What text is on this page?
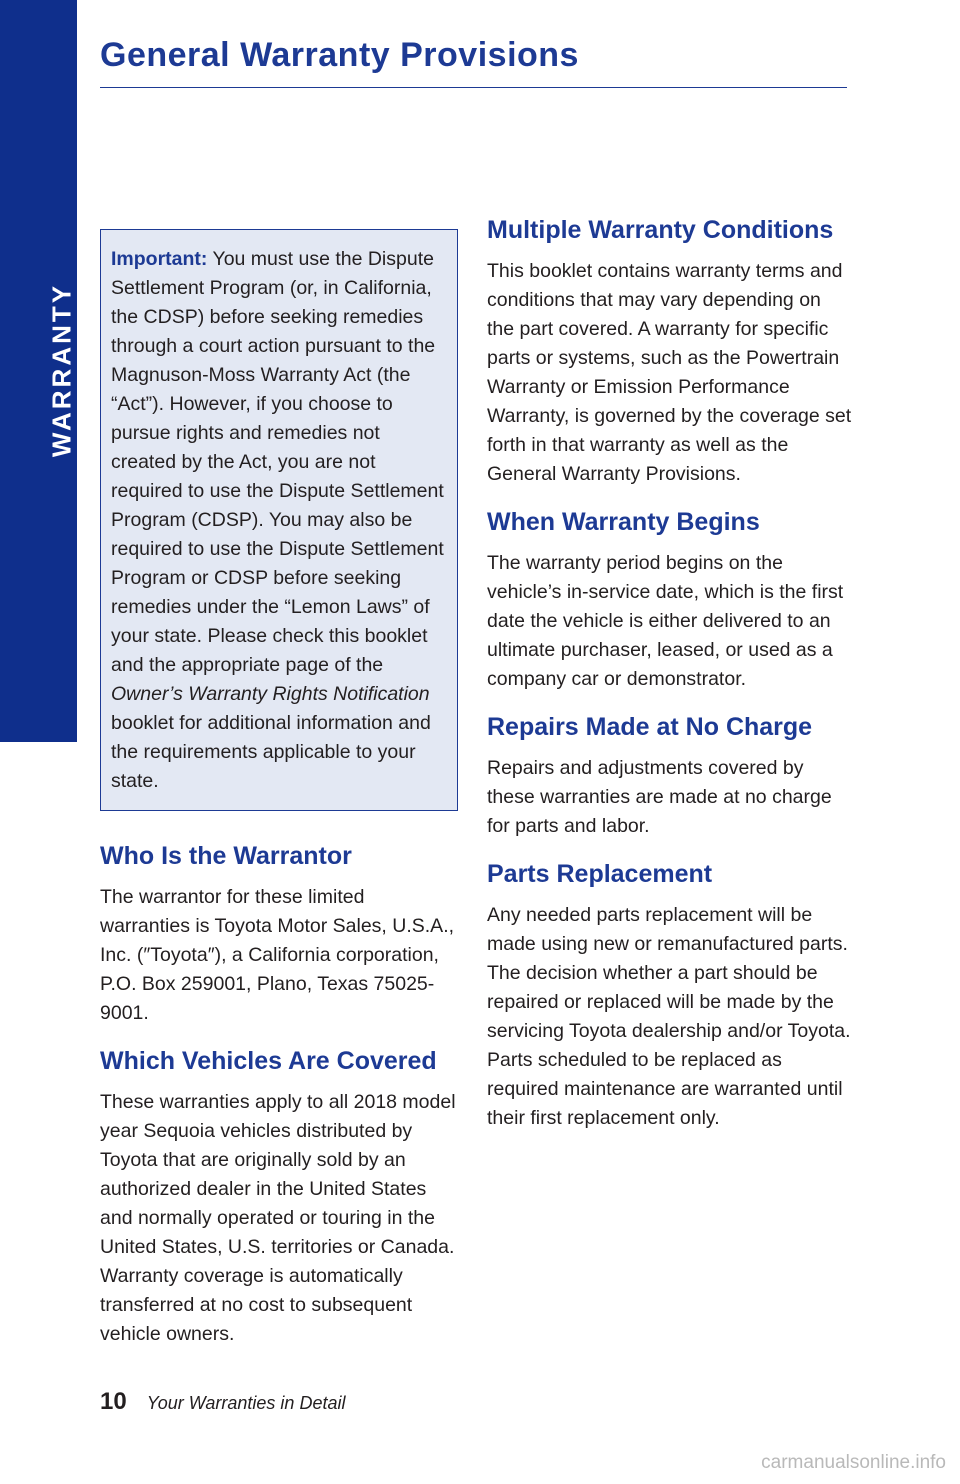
WARRANTY
General Warranty Provisions

Important: You must use the Dispute Settlement Program (or, in California, the CDSP) before seeking remedies through a court action pursuant to the Magnuson-Moss Warranty Act (the “Act”). However, if you choose to pursue rights and remedies not created by the Act, you are not required to use the Dispute Settlement Program (CDSP). You may also be required to use the Dispute Settlement Program or CDSP before seeking remedies under the “Lemon Laws” of your state. Please check this booklet and the appropriate page of the Owner’s Warranty Rights Notification booklet for additional information and the requirements applicable to your state.

Who Is the Warrantor

The warrantor for these limited warranties is Toyota Motor Sales, U.S.A., Inc. (″Toyota″), a California corporation, P.O. Box 259001, Plano, Texas 75025-9001.

Which Vehicles Are Covered

These warranties apply to all 2018 model year Sequoia vehicles distributed by Toyota that are originally sold by an authorized dealer in the United States and normally operated or touring in the United States, U.S. territories or Canada. Warranty coverage is automatically transferred at no cost to subsequent vehicle owners.

Multiple Warranty Conditions

This booklet contains warranty terms and conditions that may vary depending on the part covered. A warranty for specific parts or systems, such as the Powertrain Warranty or Emission Performance Warranty, is governed by the coverage set forth in that warranty as well as the General Warranty Provisions.

When Warranty Begins

The warranty period begins on the vehicle’s in-service date, which is the first date the vehicle is either delivered to an ultimate purchaser, leased, or used as a company car or demonstrator.

Repairs Made at No Charge

Repairs and adjustments covered by these warranties are made at no charge for parts and labor.

Parts Replacement

Any needed parts replacement will be made using new or remanufactured parts. The decision whether a part should be repaired or replaced will be made by the servicing Toyota dealership and/or Toyota. Parts scheduled to be replaced as required maintenance are warranted until their first replacement only.

10 Your Warranties in Detail
carmanualsonline.info
